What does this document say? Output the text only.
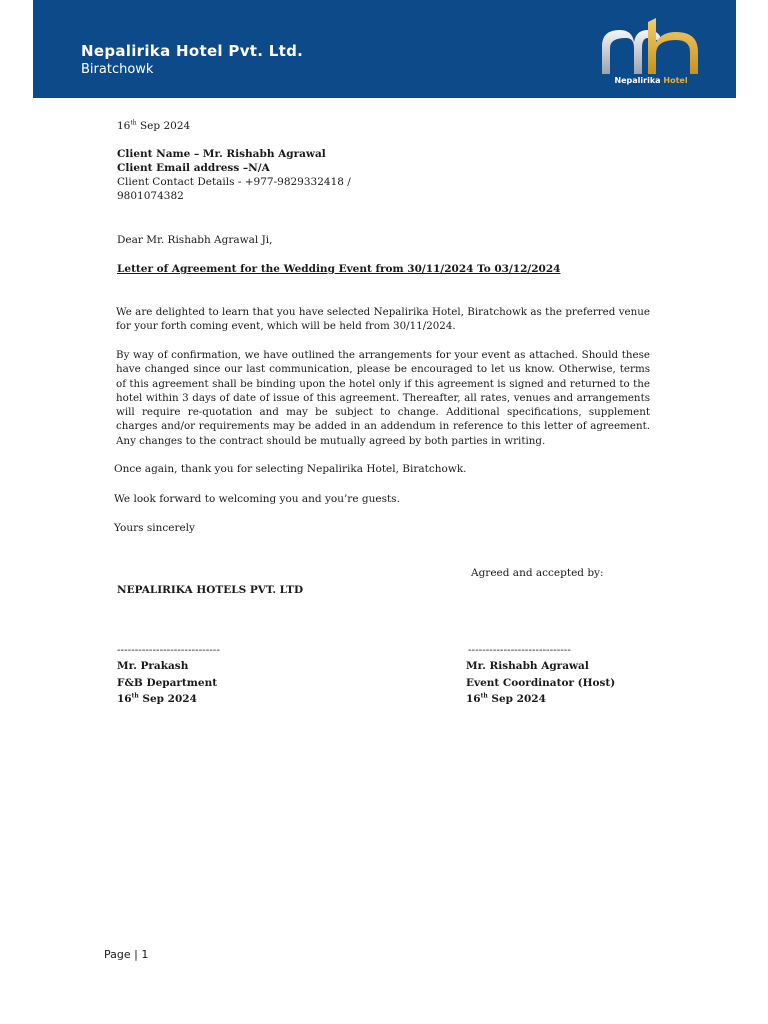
Nepalirika Hotel Pvt. Ltd.
Biratchowk
Nepalirika Hotel
16th Sep 2024
Client Name – Mr. Rishabh Agrawal
Client Email address –N/A
Client Contact Details - +977-9829332418 /
9801074382
Dear Mr. Rishabh Agrawal Ji,
Letter of Agreement for the Wedding Event from 30/11/2024 To 03/12/2024
We are delighted to learn that you have selected Nepalirika Hotel, Biratchowk as the preferred venue for your forth coming event, which will be held from 30/11/2024.
By way of confirmation, we have outlined the arrangements for your event as attached. Should these have changed since our last communication, please be encouraged to let us know. Otherwise, terms of this agreement shall be binding upon the hotel only if this agreement is signed and returned to the hotel within 3 days of date of issue of this agreement. Thereafter, all rates, venues and arrangements will require re-quotation and may be subject to change. Additional specifications, supplement charges and/or requirements may be added in an addendum in reference to this letter of agreement. Any changes to the contract should be mutually agreed by both parties in writing.
Once again, thank you for selecting Nepalirika Hotel, Biratchowk.
We look forward to welcoming you and you’re guests.
Yours sincerely
Agreed and accepted by:
NEPALIRIKA HOTELS PVT. LTD
-----------------------------
Mr. Prakash
F&B Department
16th Sep 2024
-----------------------------
Mr. Rishabh Agrawal
Event Coordinator (Host)
16th Sep 2024
Page | 1
